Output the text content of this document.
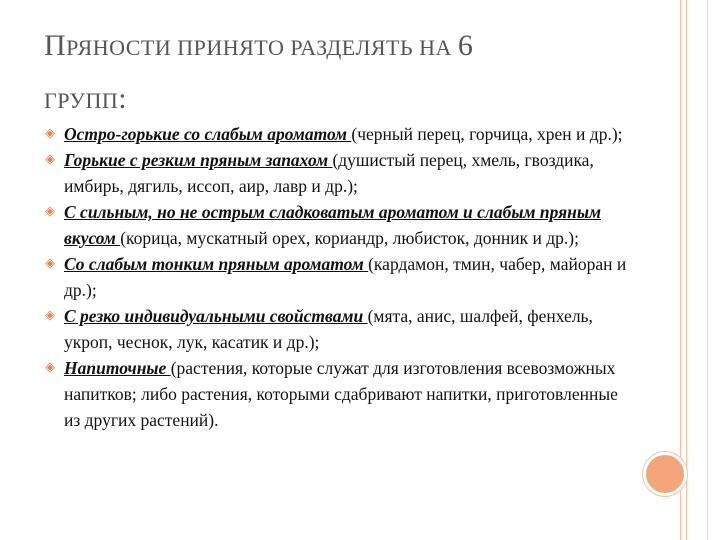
ПРЯНОСТИ ПРИНЯТО РАЗДЕЛЯТЬ НА 6
ГРУПП:
◈ Остро-горькие со слабым ароматом (черный перец, горчица, хрен и др.);
◈ Горькие с резким пряным запахом (душистый перец, хмель, гвоздика, имбирь, дягиль, иссоп, аир, лавр и др.);
◈ С сильным, но не острым сладковатым ароматом и слабым пряным вкусом (корица, мускатный орех, кориандр, любисток, донник и др.);
◈ Со слабым тонким пряным ароматом (кардамон, тмин, чабер, майоран и др.);
◈ С резко индивидуальными свойствами (мята, анис, шалфей, фенхель, укроп, чеснок, лук, касатик и др.);
◈ Напиточные (растения, которые служат для изготовления всевозможных напитков; либо растения, которыми сдабривают напитки, приготовленные из других растений).
